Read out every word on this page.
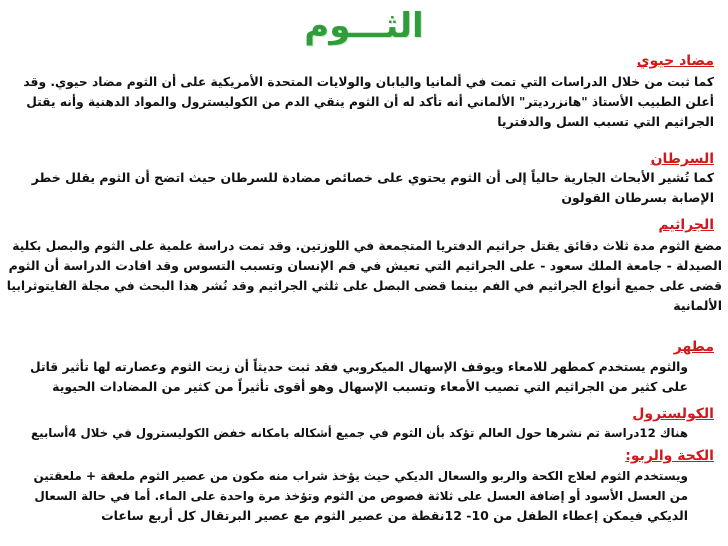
الثـــوم
مضاد حيوي
كما ثبت من خلال الدراسات التي تمت في ألمانيا واليابان والولايات المتحدة الأمريكية على أن الثوم مضاد حيوي. وقد
أعلن الطبيب الأستاذ "هانزرديتر" الألماني أنه تأكد له أن الثوم ينقي الدم من الكوليسترول والمواد الدهنية وأنه يقتل
الجراثيم التي تسبب السل والدفتريا
السرطان
كما تُشير الأبحاث الجارية حالياً إلى أن الثوم يحتوي على خصائص مضادة للسرطان حيث اتضح أن الثوم يقلل خطر
الإصابة بسرطان القولون
الجراثيم
مضغ الثوم مدة ثلاث دقائق يقتل جراثيم الدفتريا المتجمعة في اللوزتين. وقد تمت دراسة علمية على الثوم والبصل بكلية
الصيدلة - جامعة الملك سعود - على الجراثيم التي تعيش في فم الإنسان وتسبب التسوس وقد افادت الدراسة أن الثوم
قضى على جميع أنواع الجراثيم في الفم بينما قضى البصل على ثلثي الجراثيم وقد نُشر هذا البحث في مجلة الفايتوثرابيا
الألمانية
مطهر
والثوم يستخدم كمطهر للامعاء ويوقف الإسهال الميكروبي فقد ثبت حديثاً أن زيت الثوم وعصارته لها تأثير قاتل
على كثير من الجراثيم التي تصيب الأمعاء وتسبب الإسهال وهو أقوى تأثيراً من كثير من المضادات الحيوية
الكولسترول
هناك 12دراسة تم نشرها حول العالم تؤكد بأن الثوم في جميع أشكاله بامكانه خفض الكوليسترول في خلال 4أسابيع
الكحة والربو:
ويستخدم الثوم لعلاج الكحة والربو والسعال الديكي حيث يؤخذ شراب منه مكون من عصير الثوم ملعقة + ملعقتين
من العسل الأسود أو إضافة العسل على ثلاثة فصوص من الثوم وتؤخذ مرة واحدة على الماء. أما في حالة السعال
الديكي فيمكن إعطاء الطفل من 10- 12نقطة من عصير الثوم مع عصير البرتقال كل أربع ساعات
